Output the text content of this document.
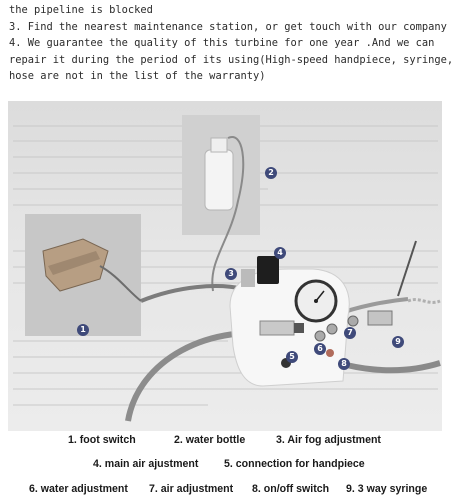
the pipeline is blocked

3. Find the nearest maintenance station, or get touch with our company

4. We guarantee the quality of this turbine for one year .And we can repair it during the period of its using(High-speed handpiece, syringe, hose are not in the list of the warranty)

1
2
3
4
5
6
7
8
9
1. foot switch	2. water bottle	3. Air fog adjustment
4. main air ajustment 5. connection for handpiece
6. water adjustment 7. air adjustment 8. on/off switch 9. 3 way syringe
